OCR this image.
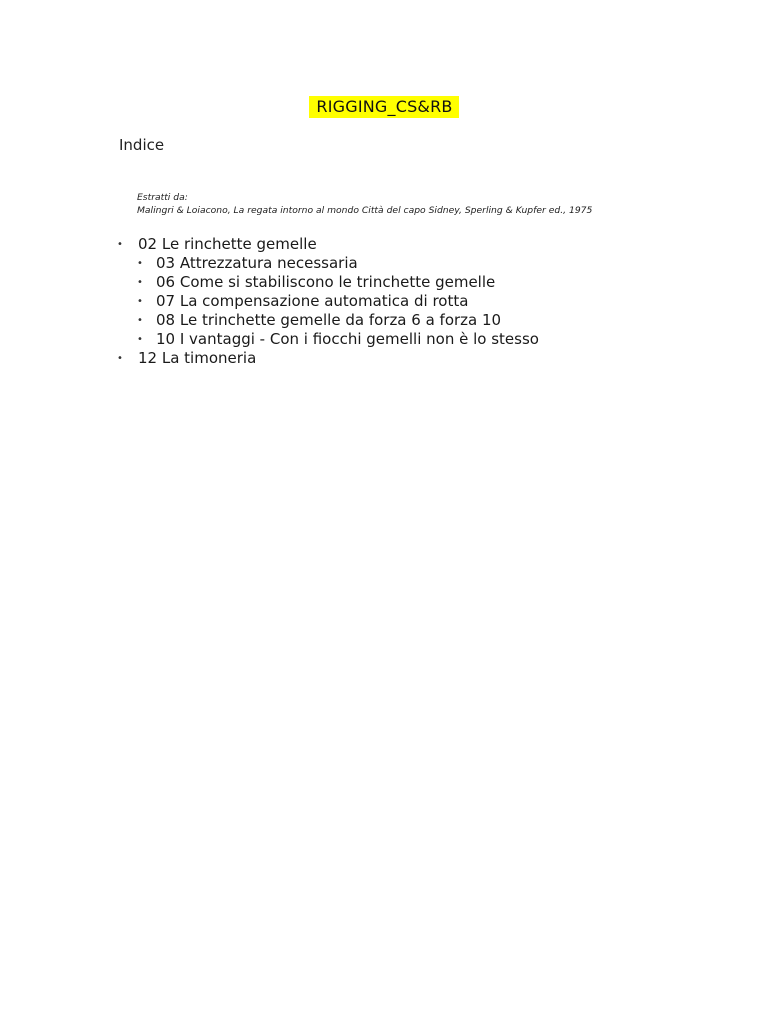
RIGGING_CS&RB
Indice
Estratti da:
Malingri & Loiacono, La regata intorno al mondo Città del capo Sidney, Sperling & Kupfer ed., 1975
• 02 Le rinchette gemelle
• 03 Attrezzatura necessaria
• 06 Come si stabiliscono le trinchette gemelle
• 07 La compensazione automatica di rotta
• 08 Le trinchette gemelle da forza 6 a forza 10
• 10 I vantaggi - Con i fiocchi gemelli non è lo stesso
• 12 La timoneria
